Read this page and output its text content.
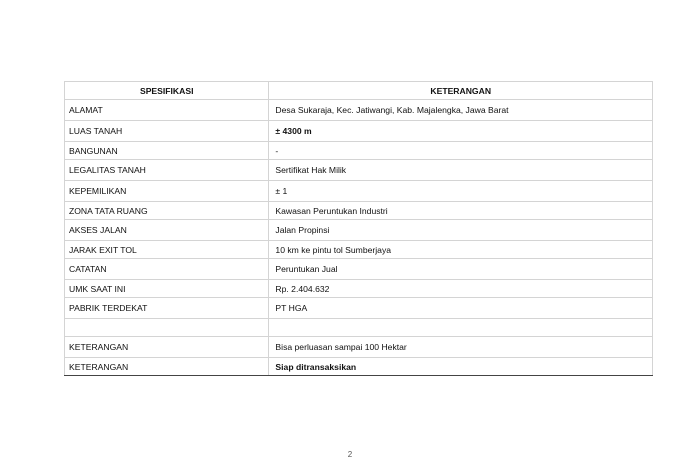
SPESIFIKASI	KETERANGAN
ALAMAT	Desa Sukaraja, Kec. Jatiwangi, Kab. Majalengka, Jawa Barat
LUAS TANAH	± 4300 m
BANGUNAN	-
LEGALITAS TANAH	Sertifikat Hak Milik
KEPEMILIKAN	± 1
ZONA TATA RUANG	Kawasan Peruntukan Industri
AKSES JALAN	Jalan Propinsi
JARAK EXIT TOL	10 km ke pintu tol Sumberjaya
CATATAN	Peruntukan Jual
UMK SAAT INI	Rp. 2.404.632
PABRIK TERDEKAT	PT HGA

KETERANGAN	Bisa perluasan sampai 100 Hektar
KETERANGAN	Siap ditransaksikan
2
